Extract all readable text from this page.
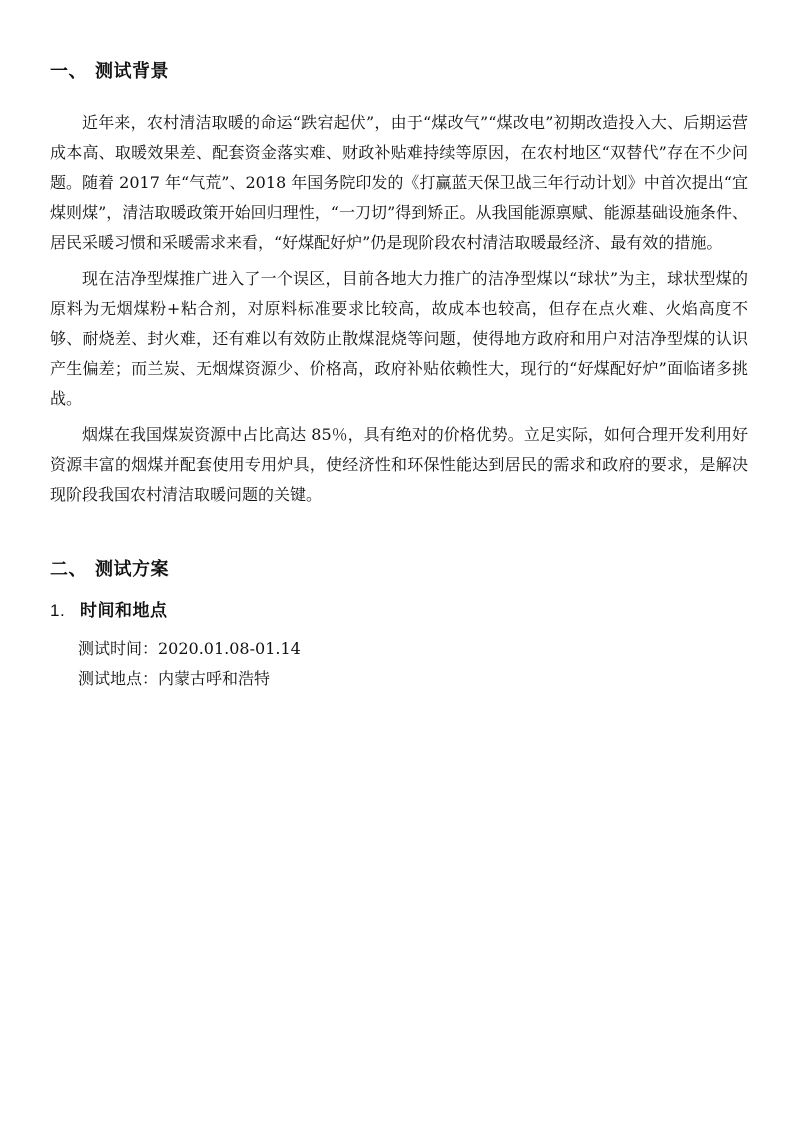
一、 测试背景

近年来，农村清洁取暖的命运“跌宕起伏”，由于“煤改气”“煤改电”初期改造投入大、后期运营成本高、取暖效果差、配套资金落实难、财政补贴难持续等原因，在农村地区“双替代”存在不少问题。随着 2017 年“气荒”、2018 年国务院印发的《打赢蓝天保卫战三年行动计划》中首次提出“宜煤则煤”，清洁取暖政策开始回归理性，“一刀切”得到矫正。从我国能源禀赋、能源基础设施条件、居民采暖习惯和采暖需求来看，“好煤配好炉”仍是现阶段农村清洁取暖最经济、最有效的措施。

现在洁净型煤推广进入了一个误区，目前各地大力推广的洁净型煤以“球状”为主，球状型煤的原料为无烟煤粉+粘合剂，对原料标准要求比较高，故成本也较高，但存在点火难、火焰高度不够、耐烧差、封火难，还有难以有效防止散煤混烧等问题，使得地方政府和用户对洁净型煤的认识产生偏差；而兰炭、无烟煤资源少、价格高，政府补贴依赖性大，现行的“好煤配好炉”面临诸多挑战。

烟煤在我国煤炭资源中占比高达 85％，具有绝对的价格优势。立足实际，如何合理开发利用好资源丰富的烟煤并配套使用专用炉具，使经济性和环保性能达到居民的需求和政府的要求，是解决现阶段我国农村清洁取暖问题的关键。

二、 测试方案
1. 时间和地点

测试时间：2020.01.08-01.14

测试地点：内蒙古呼和浩特
